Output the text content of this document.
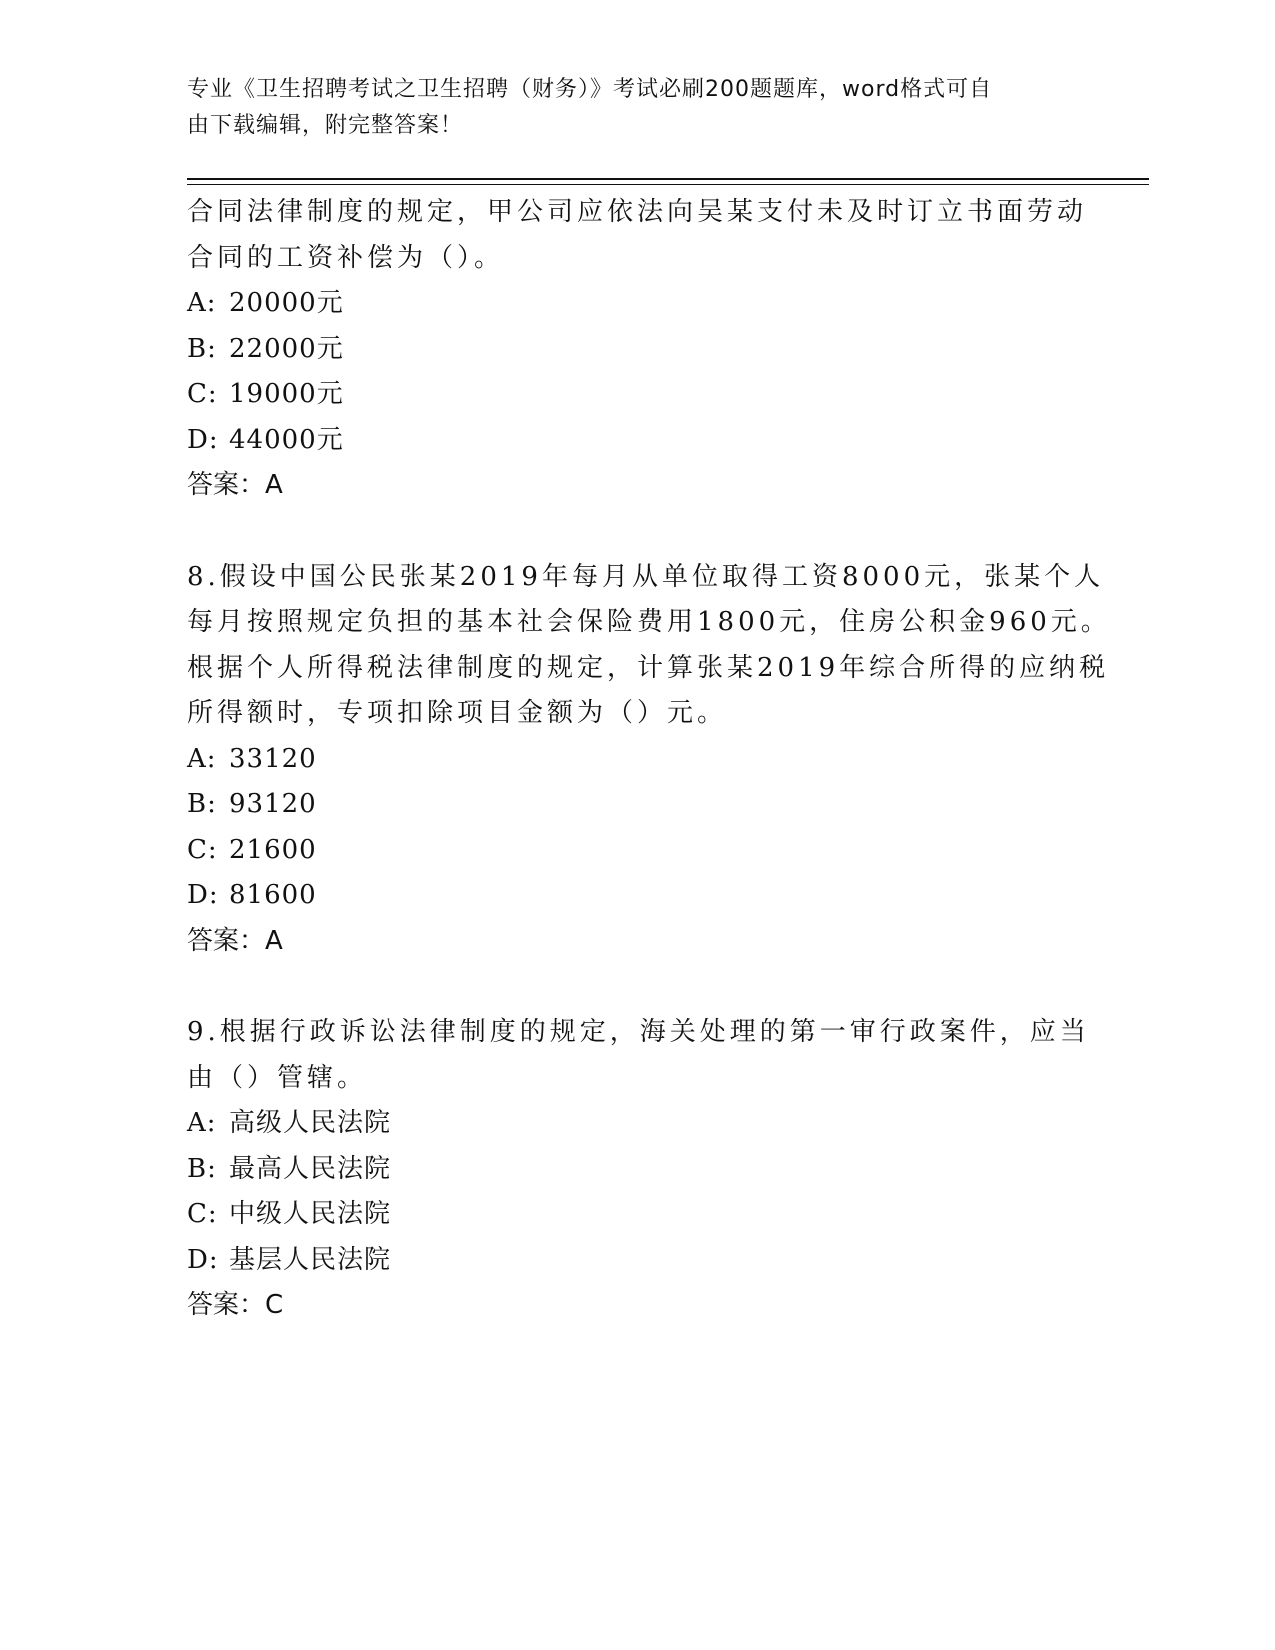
专业《卫生招聘考试之卫生招聘（财务）》考试必刷200题题库，word格式可自
由下载编辑，附完整答案！
合同法律制度的规定，甲公司应依法向吴某支付未及时订立书面劳动
合同的工资补偿为（）。
A: 20000元
B: 22000元
C: 19000元
D: 44000元
答案：A
8.假设中国公民张某2019年每月从单位取得工资8000元，张某个人
每月按照规定负担的基本社会保险费用1800元，住房公积金960元。
根据个人所得税法律制度的规定，计算张某2019年综合所得的应纳税
所得额时，专项扣除项目金额为（）元。
A: 33120
B: 93120
C: 21600
D: 81600
答案：A
9.根据行政诉讼法律制度的规定，海关处理的第一审行政案件，应当
由（）管辖。
A: 高级人民法院
B: 最高人民法院
C: 中级人民法院
D: 基层人民法院
答案：C
